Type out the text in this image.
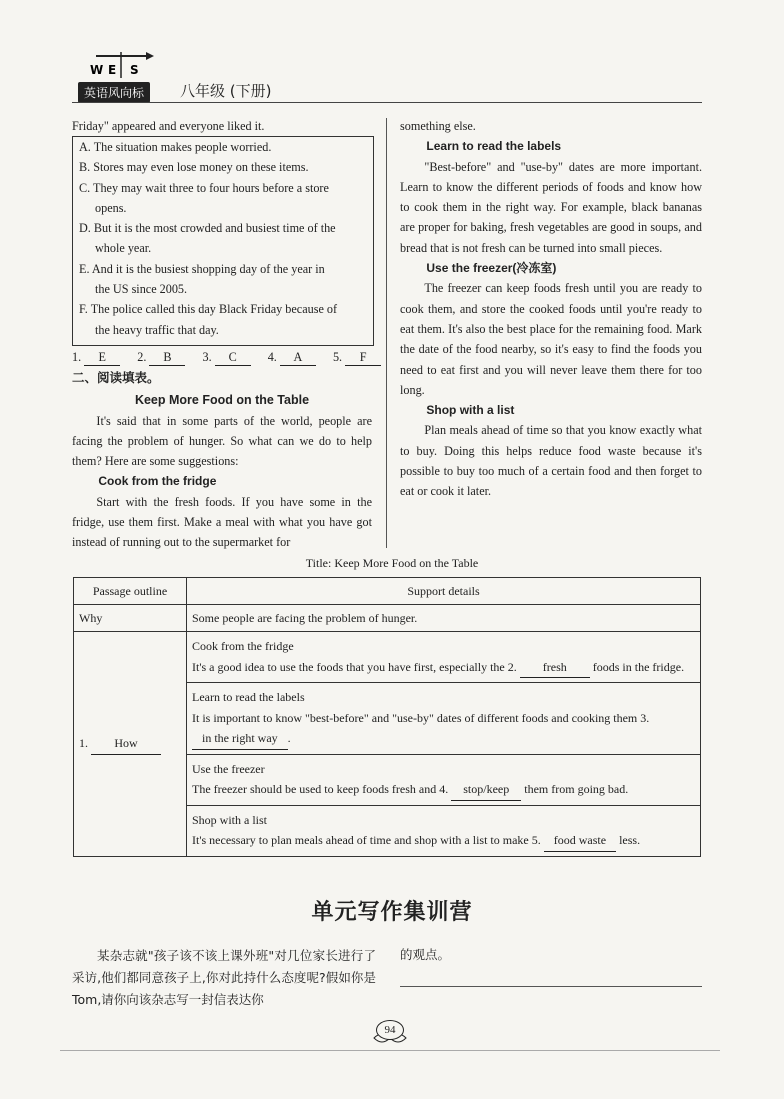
W E S
英语风向标	八年级 (下册)

Friday" appeared and everyone liked it.

A. The situation makes people worried.
B. Stores may even lose money on these items.
C. They may wait three to four hours before a store
opens.
D. But it is the most crowded and busiest time of the
whole year.
E. And it is the busiest shopping day of the year in
the US since 2005.
F. The police called this day Black Friday because of
the heavy traffic that day.
1. E	2. B	3. C	4. A	5. F
二、阅读填表。
Keep More Food on the Table

It's said that in some parts of the world, people are facing the problem of hunger. So what can we do to help them? Here are some suggestions:

Cook from the fridge

Start with the fresh foods. If you have some in the fridge, use them first. Make a meal with what you have got instead of running out to the supermarket for

something else.

Learn to read the labels

"Best-before" and "use-by" dates are more important. Learn to know the different periods of foods and know how to cook them in the right way. For example, black bananas are proper for baking, fresh vegetables are good in soups, and bread that is not fresh can be turned into small pieces.

Use the freezer(冷冻室)

The freezer can keep foods fresh until you are ready to cook them, and store the cooked foods until you're ready to eat them. It's also the best place for the remaining food. Mark the date of the food nearby, so it's easy to find the foods you need to eat first and you will never leave them there for too long.

Shop with a list

Plan meals ahead of time so that you know exactly what to buy. Doing this helps reduce food waste because it's possible to buy too much of a certain food and then forget to eat or cook it later.

Title: Keep More Food on the Table
Passage outline	Support details
Why	Some people are facing the problem of hunger.
1. How	Cook from the fridge
It's a good idea to use the foods that you have first, especially the 2. fresh foods in the fridge.

	Learn to read the labels
It is important to know "best-before" and "use-by" dates of different foods and cooking them 3. in the right way .

	Use the freezer
The freezer should be used to keep foods fresh and 4. stop/keep them from going bad.

	Shop with a list
It's necessary to plan meals ahead of time and shop with a list to make 5. food waste less.
单元写作集训营
某杂志就"孩子该不该上课外班"对几位家长进行了采访,他们都同意孩子上,你对此持什么态度呢?假如你是 Tom,请你向该杂志写一封信表达你
的观点。
94
